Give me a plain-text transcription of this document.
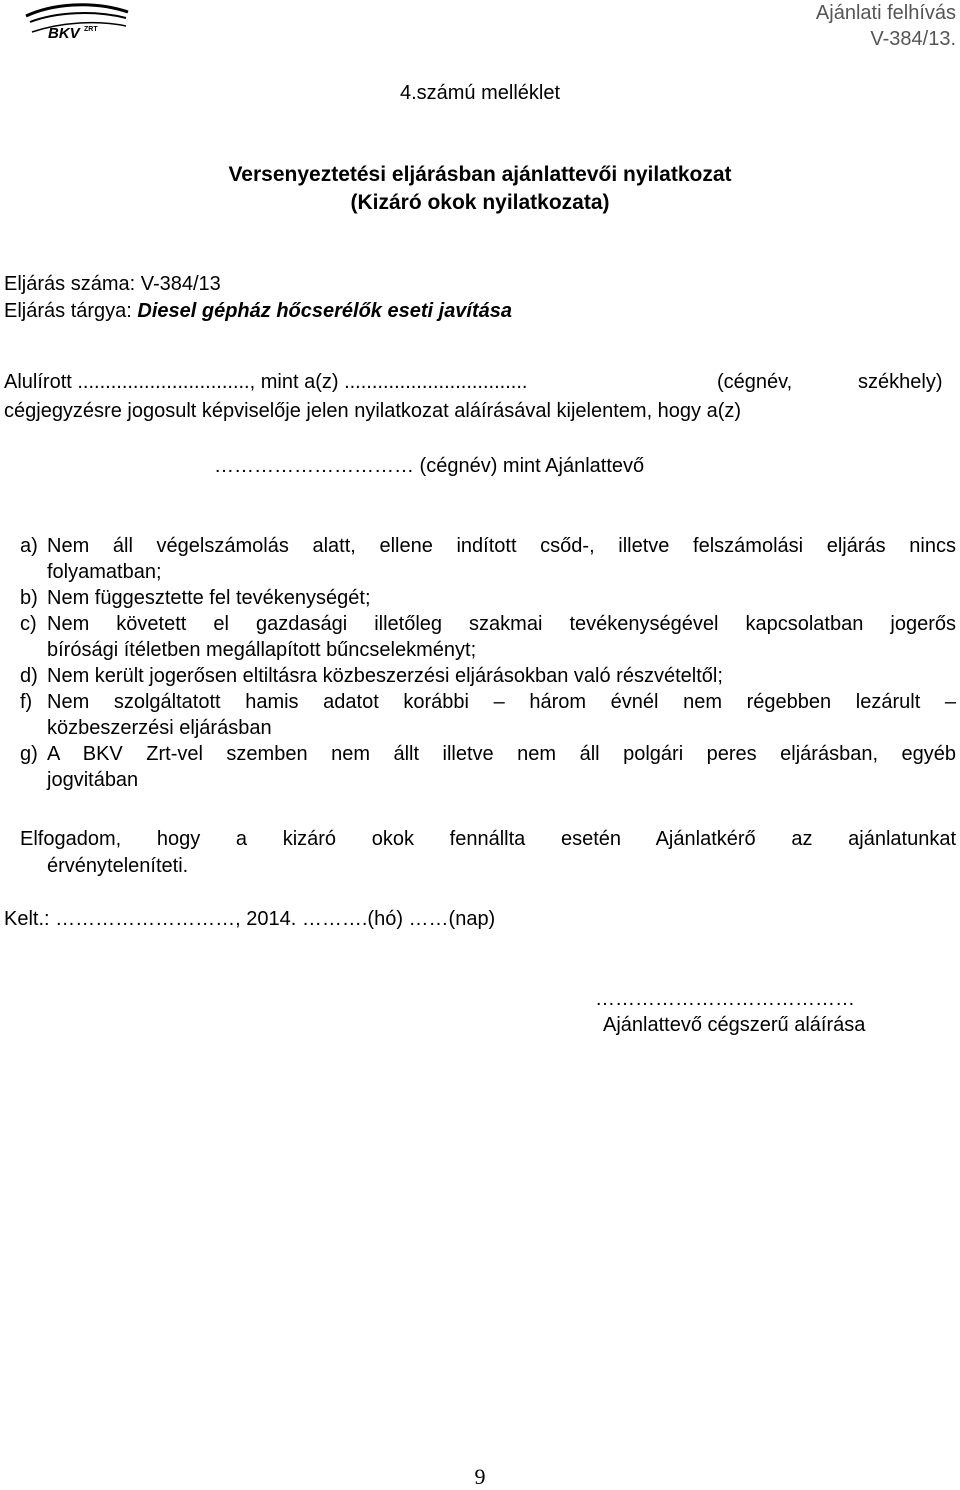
BKV ZRT
Ajánlati felhívás
V-384/13.
4.számú melléklet
Versenyeztetési eljárásban ajánlattevői nyilatkozat
(Kizáró okok nyilatkozata)
Eljárás száma: V-384/13
Eljárás tárgya: Diesel gépház hőcserélők eseti javítása
Alulírott ..............................., mint a(z) .................................	(cégnév,	székhely)
cégjegyzésre jogosult képviselője jelen nyilatkozat aláírásával kijelentem, hogy a(z)
………………………… (cégnév) mint Ajánlattevő
a) Nem áll végelszámolás alatt, ellene indított csőd-, illetve felszámolási eljárás nincs
folyamatban;
b) Nem függesztette fel tevékenységét;
c) Nem követett el gazdasági illetőleg szakmai tevékenységével kapcsolatban jogerős
bírósági ítéletben megállapított bűncselekményt;
d) Nem került jogerősen eltiltásra közbeszerzési eljárásokban való részvételtől;
f) Nem szolgáltatott hamis adatot korábbi – három évnél nem régebben lezárult –
közbeszerzési eljárásban
g) A BKV Zrt-vel szemben nem állt illetve nem áll polgári peres eljárásban, egyéb
jogvitában
Elfogadom, hogy a kizáró okok fennállta esetén Ajánlatkérő az ajánlatunkat
érvényteleníteti.
Kelt.: ………………………, 2014. ……….(hó) ……(nap)
…………………………………
Ajánlattevő cégszerű aláírása
9
